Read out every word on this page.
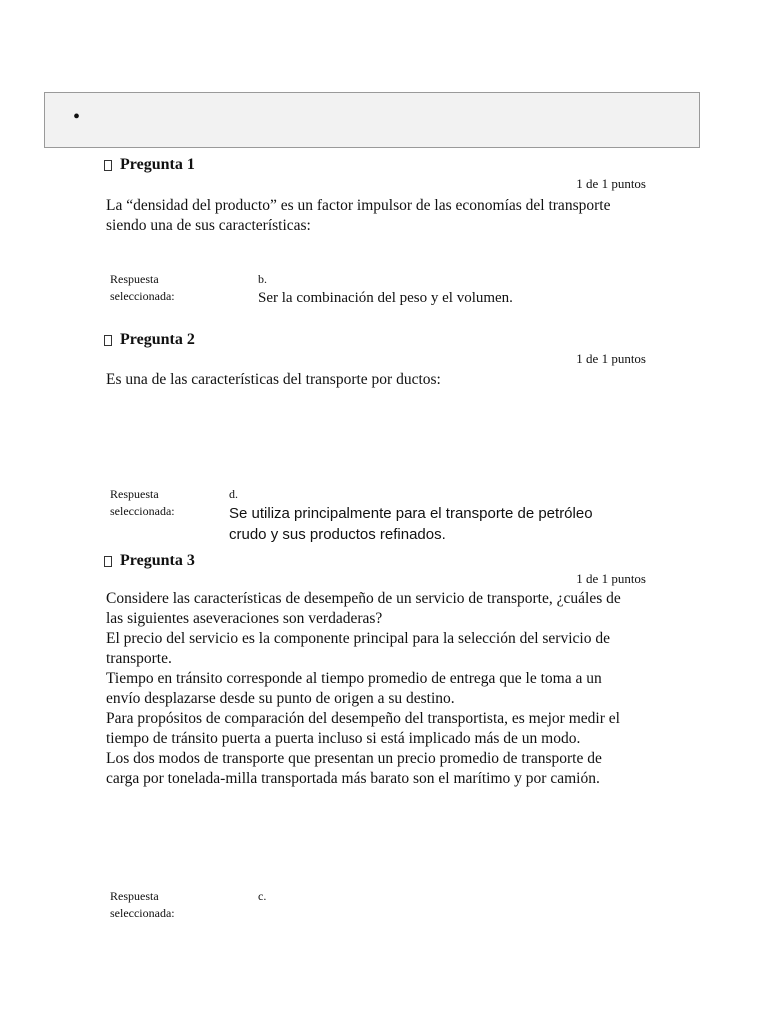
•
Pregunta 1
1 de 1 puntos

La “densidad del producto” es un factor impulsor de las economías del transporte siendo una de sus características:

Respuesta seleccionada:
b.
Ser la combinación del peso y el volumen.
Pregunta 2
1 de 1 puntos

Es una de las características del transporte por ductos:

Respuesta seleccionada:
d.
Se utiliza principalmente para el transporte de petróleo crudo y sus productos refinados.
Pregunta 3
1 de 1 puntos

Considere las características de desempeño de un servicio de transporte, ¿cuáles de las siguientes aseveraciones son verdaderas?

El precio del servicio es la componente principal para la selección del servicio de transporte.

Tiempo en tránsito corresponde al tiempo promedio de entrega que le toma a un envío desplazarse desde su punto de origen a su destino.

Para propósitos de comparación del desempeño del transportista, es mejor medir el tiempo de tránsito puerta a puerta incluso si está implicado más de un modo.

Los dos modos de transporte que presentan un precio promedio de transporte de carga por tonelada-milla transportada más barato son el marítimo y por camión.

Respuesta seleccionada:
c.
